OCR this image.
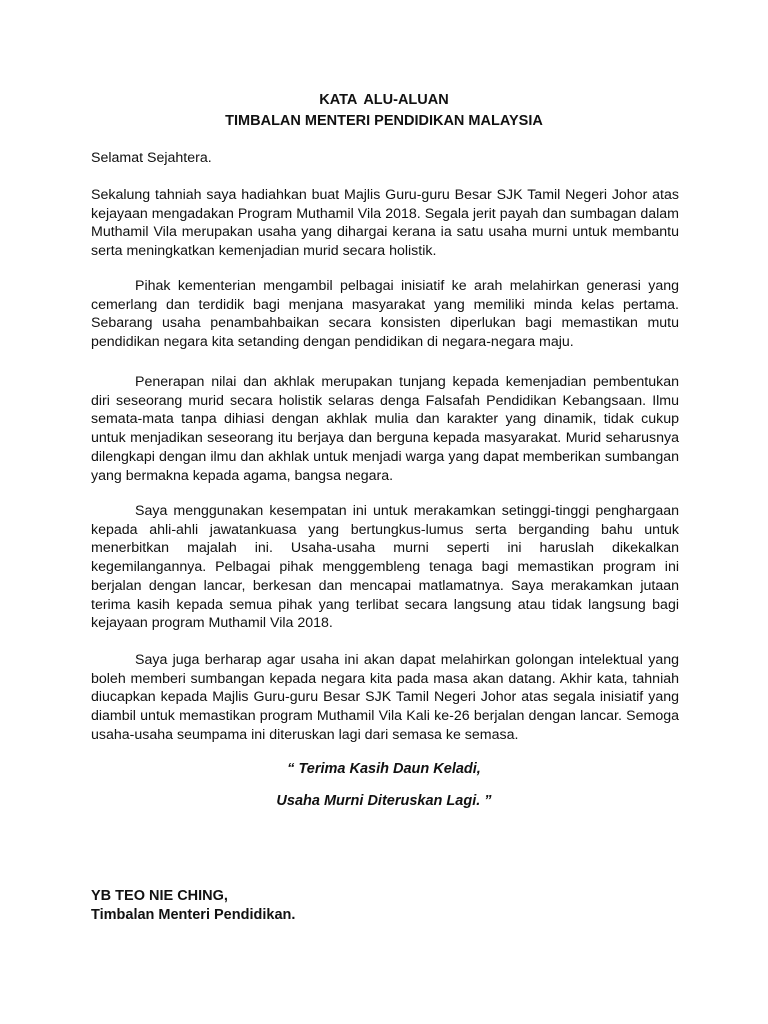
KATA ALU-ALUAN
TIMBALAN MENTERI PENDIDIKAN MALAYSIA
Selamat Sejahtera.
Sekalung tahniah saya hadiahkan buat Majlis Guru-guru Besar SJK Tamil Negeri Johor atas kejayaan mengadakan Program Muthamil Vila 2018. Segala jerit payah dan sumbagan dalam Muthamil Vila merupakan usaha yang dihargai kerana ia satu usaha murni untuk membantu serta meningkatkan kemenjadian murid secara holistik.
Pihak kementerian mengambil pelbagai inisiatif ke arah melahirkan generasi yang cemerlang dan terdidik bagi menjana masyarakat yang memiliki minda kelas pertama. Sebarang usaha penambahbaikan secara konsisten diperlukan bagi memastikan mutu pendidikan negara kita setanding dengan pendidikan di negara-negara maju.
Penerapan nilai dan akhlak merupakan tunjang kepada kemenjadian pembentukan diri seseorang murid secara holistik selaras denga Falsafah Pendidikan Kebangsaan. Ilmu semata-mata tanpa dihiasi dengan akhlak mulia dan karakter yang dinamik, tidak cukup untuk menjadikan seseorang itu berjaya dan berguna kepada masyarakat. Murid seharusnya dilengkapi dengan ilmu dan akhlak untuk menjadi warga yang dapat memberikan sumbangan yang bermakna kepada agama, bangsa negara.
Saya menggunakan kesempatan ini untuk merakamkan setinggi-tinggi penghargaan kepada ahli-ahli jawatankuasa yang bertungkus-lumus serta berganding bahu untuk menerbitkan majalah ini. Usaha-usaha murni seperti ini haruslah dikekalkan kegemilangannya. Pelbagai pihak menggembleng tenaga bagi memastikan program ini berjalan dengan lancar, berkesan dan mencapai matlamatnya. Saya merakamkan jutaan terima kasih kepada semua pihak yang terlibat secara langsung atau tidak langsung bagi kejayaan program Muthamil Vila 2018.
Saya juga berharap agar usaha ini akan dapat melahirkan golongan intelektual yang boleh memberi sumbangan kepada negara kita pada masa akan datang. Akhir kata, tahniah diucapkan kepada Majlis Guru-guru Besar SJK Tamil Negeri Johor atas segala inisiatif yang diambil untuk memastikan program Muthamil Vila Kali ke-26 berjalan dengan lancar. Semoga usaha-usaha seumpama ini diteruskan lagi dari semasa ke semasa.
“ Terima Kasih Daun Keladi,
Usaha Murni Diteruskan Lagi. ”
YB TEO NIE CHING,
Timbalan Menteri Pendidikan.
